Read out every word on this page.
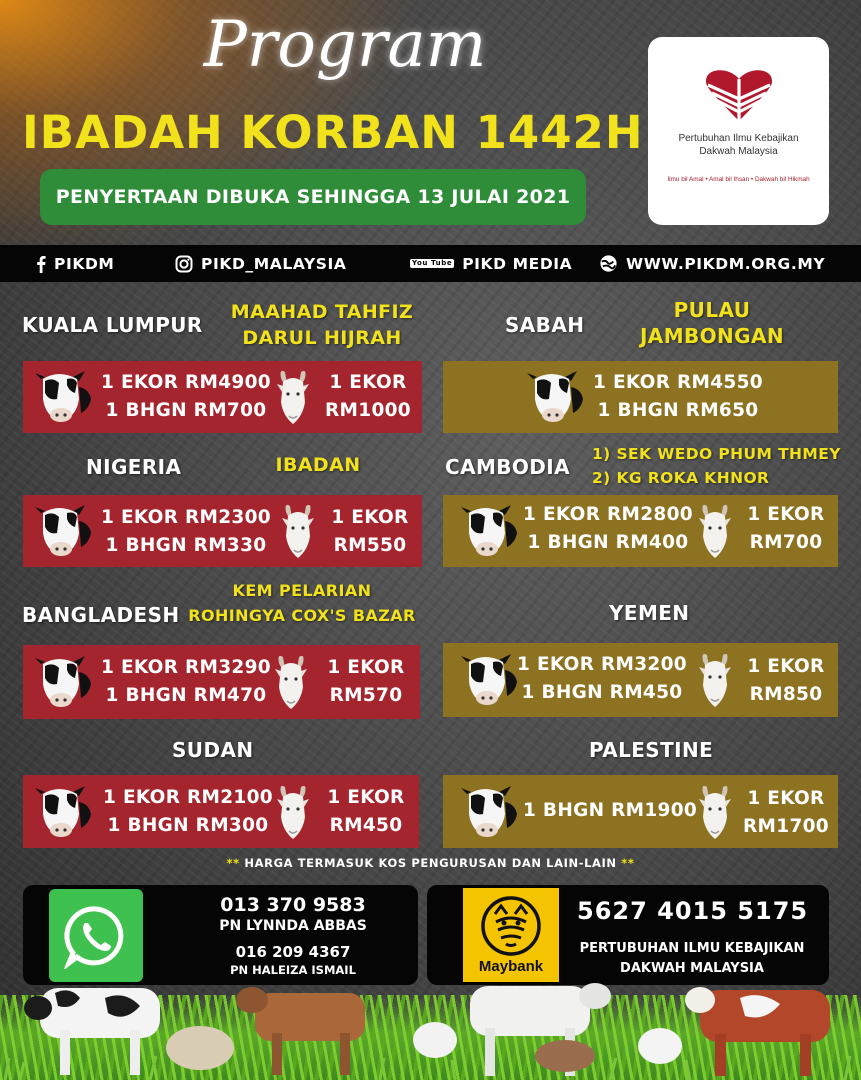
Program
IBADAH KORBAN 1442H
PENYERTAAN DIBUKA SEHINGGA 13 JULAI 2021
Pertubuhan Ilmu Kebajikan Dakwah Malaysia
Ilmu bil Amal • Amal bil Ihsan • Dakwah bil Hikmah
PIKDM	PIKD_MALAYSIA	You Tube PIKD MEDIA	WWW.PIKDM.ORG.MY
KUALA LUMPUR
MAAHAD TAHFIZ
DARUL HIJRAH
1 EKOR RM4900
1 BHGN RM700
1 EKOR
RM1000
SABAH
PULAU
JAMBONGAN
1 EKOR RM4550
1 BHGN RM650
NIGERIA	IBADAN
1 EKOR RM2300
1 BHGN RM330
1 EKOR
RM550
CAMBODIA
1) SEK WEDO PHUM THMEY
2) KG ROKA KHNOR
1 EKOR RM2800
1 BHGN RM400
1 EKOR
RM700
BANGLADESH
KEM PELARIAN
ROHINGYA COX'S BAZAR
1 EKOR RM3290
1 BHGN RM470
1 EKOR
RM570
YEMEN
1 EKOR RM3200
1 BHGN RM450
1 EKOR
RM850
SUDAN
1 EKOR RM2100
1 BHGN RM300
1 EKOR
RM450
PALESTINE
1 BHGN RM1900
1 EKOR
RM1700
** HARGA TERMASUK KOS PENGURUSAN DAN LAIN-LAIN **
013 370 9583
PN LYNNDA ABBAS
016 209 4367
PN HALEIZA ISMAIL	Maybank
5627 4015 5175
PERTUBUHAN ILMU KEBAJIKAN
DAKWAH MALAYSIA
